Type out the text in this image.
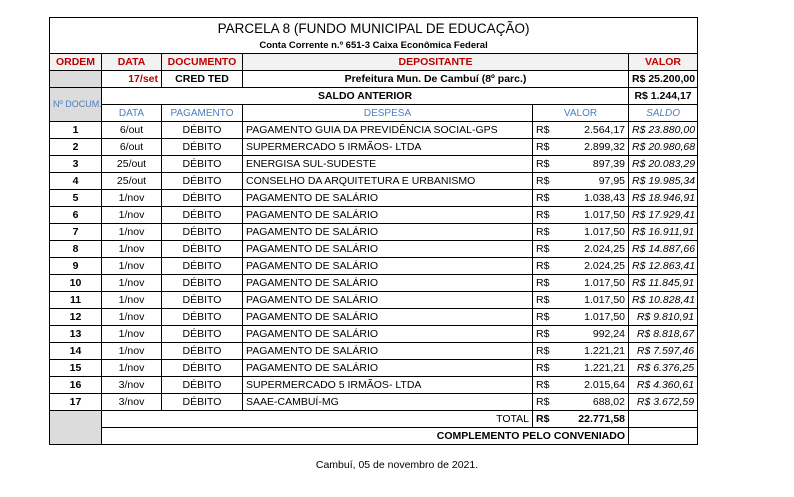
PARCELA 8 (FUNDO MUNICIPAL DE EDUCAÇÃO)						
Conta Corrente n.º 651-3 Caixa Econômica Federal						
ORDEM	DATA	DOCUMENTO	DEPOSITANTE			VALOR
	17/set	CRED TED	Prefeitura Mun. De Cambuí (8º parc.)			R$ 25.200,00
Nº DOCUM.	SALDO ANTERIOR					R$ 1.244,17
	DATA	PAGAMENTO	DESPESA	VALOR		SALDO
1	6/out	DÉBITO	PAGAMENTO GUIA DA PREVIDÊNCIA SOCIAL-GPS	R$	2.564,17	R$ 23.880,00
2	6/out	DÉBITO	SUPERMERCADO 5 IRMÃOS- LTDA	R$	2.899,32	R$ 20.980,68
3	25/out	DÉBITO	ENERGISA SUL-SUDESTE	R$	897,39	R$ 20.083,29
4	25/out	DÉBITO	CONSELHO DA ARQUITETURA E URBANISMO	R$	97,95	R$ 19.985,34
5	1/nov	DÉBITO	PAGAMENTO DE SALÁRIO	R$	1.038,43	R$ 18.946,91
6	1/nov	DÉBITO	PAGAMENTO DE SALÁRIO	R$	1.017,50	R$ 17.929,41
7	1/nov	DÉBITO	PAGAMENTO DE SALÁRIO	R$	1.017,50	R$ 16.911,91
8	1/nov	DÉBITO	PAGAMENTO DE SALÁRIO	R$	2.024,25	R$ 14.887,66
9	1/nov	DÉBITO	PAGAMENTO DE SALÁRIO	R$	2.024,25	R$ 12.863,41
10	1/nov	DÉBITO	PAGAMENTO DE SALÁRIO	R$	1.017,50	R$ 11.845,91
11	1/nov	DÉBITO	PAGAMENTO DE SALÁRIO	R$	1.017,50	R$ 10.828,41
12	1/nov	DÉBITO	PAGAMENTO DE SALÁRIO	R$	1.017,50	R$ 9.810,91
13	1/nov	DÉBITO	PAGAMENTO DE SALÁRIO	R$	992,24	R$ 8.818,67
14	1/nov	DÉBITO	PAGAMENTO DE SALÁRIO	R$	1.221,21	R$ 7.597,46
15	1/nov	DÉBITO	PAGAMENTO DE SALÁRIO	R$	1.221,21	R$ 6.376,25
16	3/nov	DÉBITO	SUPERMERCADO 5 IRMÃOS- LTDA	R$	2.015,64	R$ 4.360,61
17	3/nov	DÉBITO	SAAE-CAMBUÍ-MG	R$	688,02	R$ 3.672,59
	TOTAL			R$	22.771,58	
	COMPLEMENTO PELO CONVENIADO					
Cambuí, 05 de novembro de 2021.
